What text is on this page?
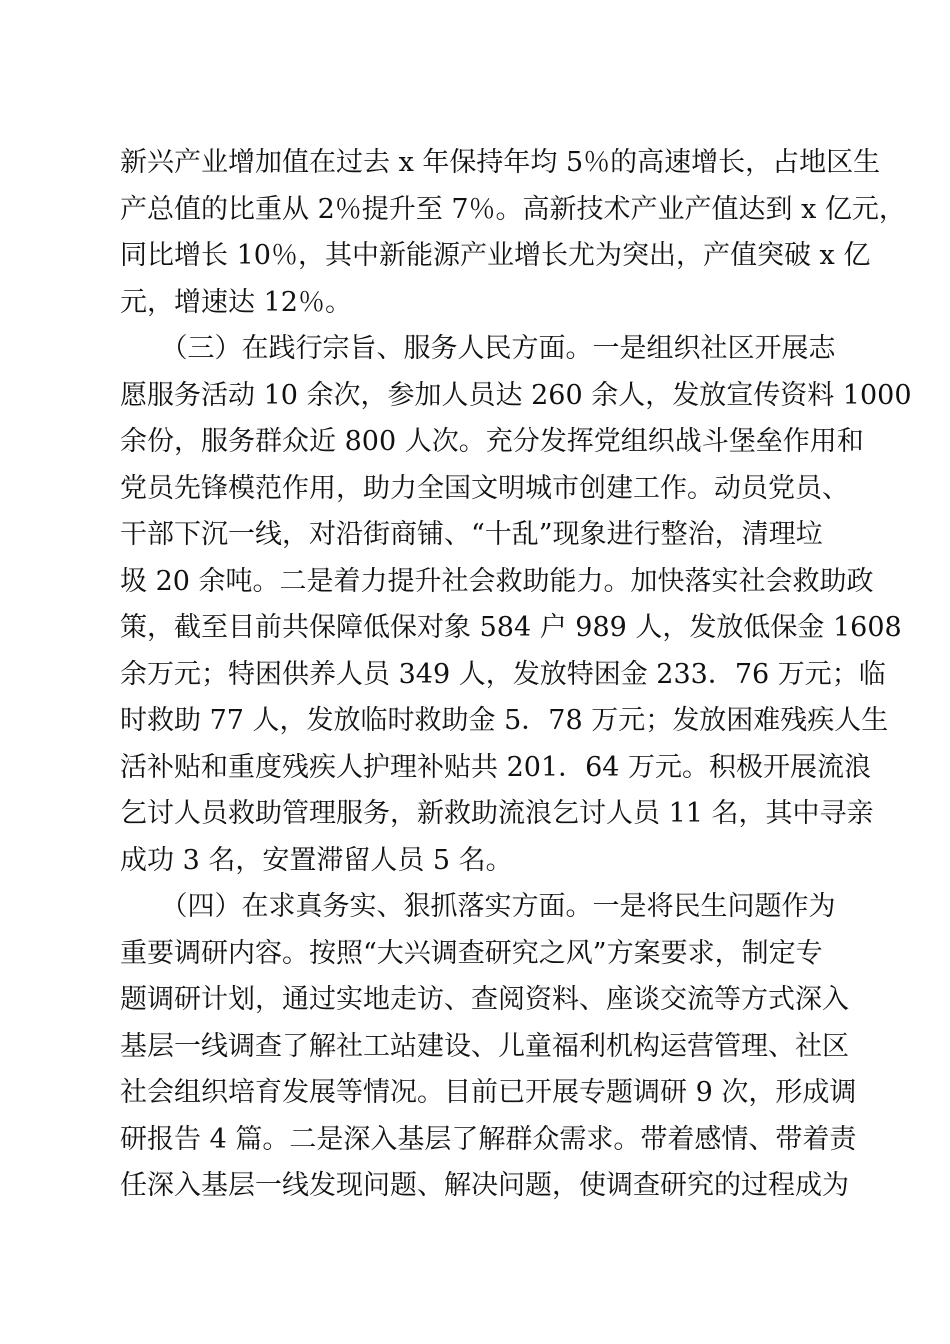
新兴产业增加值在过去 x 年保持年均 5％的高速增长，占地区生
产总值的比重从 2％提升至 7％。高新技术产业产值达到 x 亿元，
同比增长 10％，其中新能源产业增长尤为突出，产值突破 x 亿
元，增速达 12％。
　　（三）在践行宗旨、服务人民方面。一是组织社区开展志
愿服务活动 10 余次，参加人员达 260 余人，发放宣传资料 1000
余份，服务群众近 800 人次。充分发挥党组织战斗堡垒作用和
党员先锋模范作用，助力全国文明城市创建工作。动员党员、
干部下沉一线，对沿街商铺、“十乱”现象进行整治，清理垃
圾 20 余吨。二是着力提升社会救助能力。加快落实社会救助政
策，截至目前共保障低保对象 584 户 989 人，发放低保金 1608
余万元；特困供养人员 349 人，发放特困金 233．76 万元；临
时救助 77 人，发放临时救助金 5．78 万元；发放困难残疾人生
活补贴和重度残疾人护理补贴共 201．64 万元。积极开展流浪
乞讨人员救助管理服务，新救助流浪乞讨人员 11 名，其中寻亲
成功 3 名，安置滞留人员 5 名。
　　（四）在求真务实、狠抓落实方面。一是将民生问题作为
重要调研内容。按照“大兴调查研究之风”方案要求，制定专
题调研计划，通过实地走访、查阅资料、座谈交流等方式深入
基层一线调查了解社工站建设、儿童福利机构运营管理、社区
社会组织培育发展等情况。目前已开展专题调研 9 次，形成调
研报告 4 篇。二是深入基层了解群众需求。带着感情、带着责
任深入基层一线发现问题、解决问题，使调查研究的过程成为
